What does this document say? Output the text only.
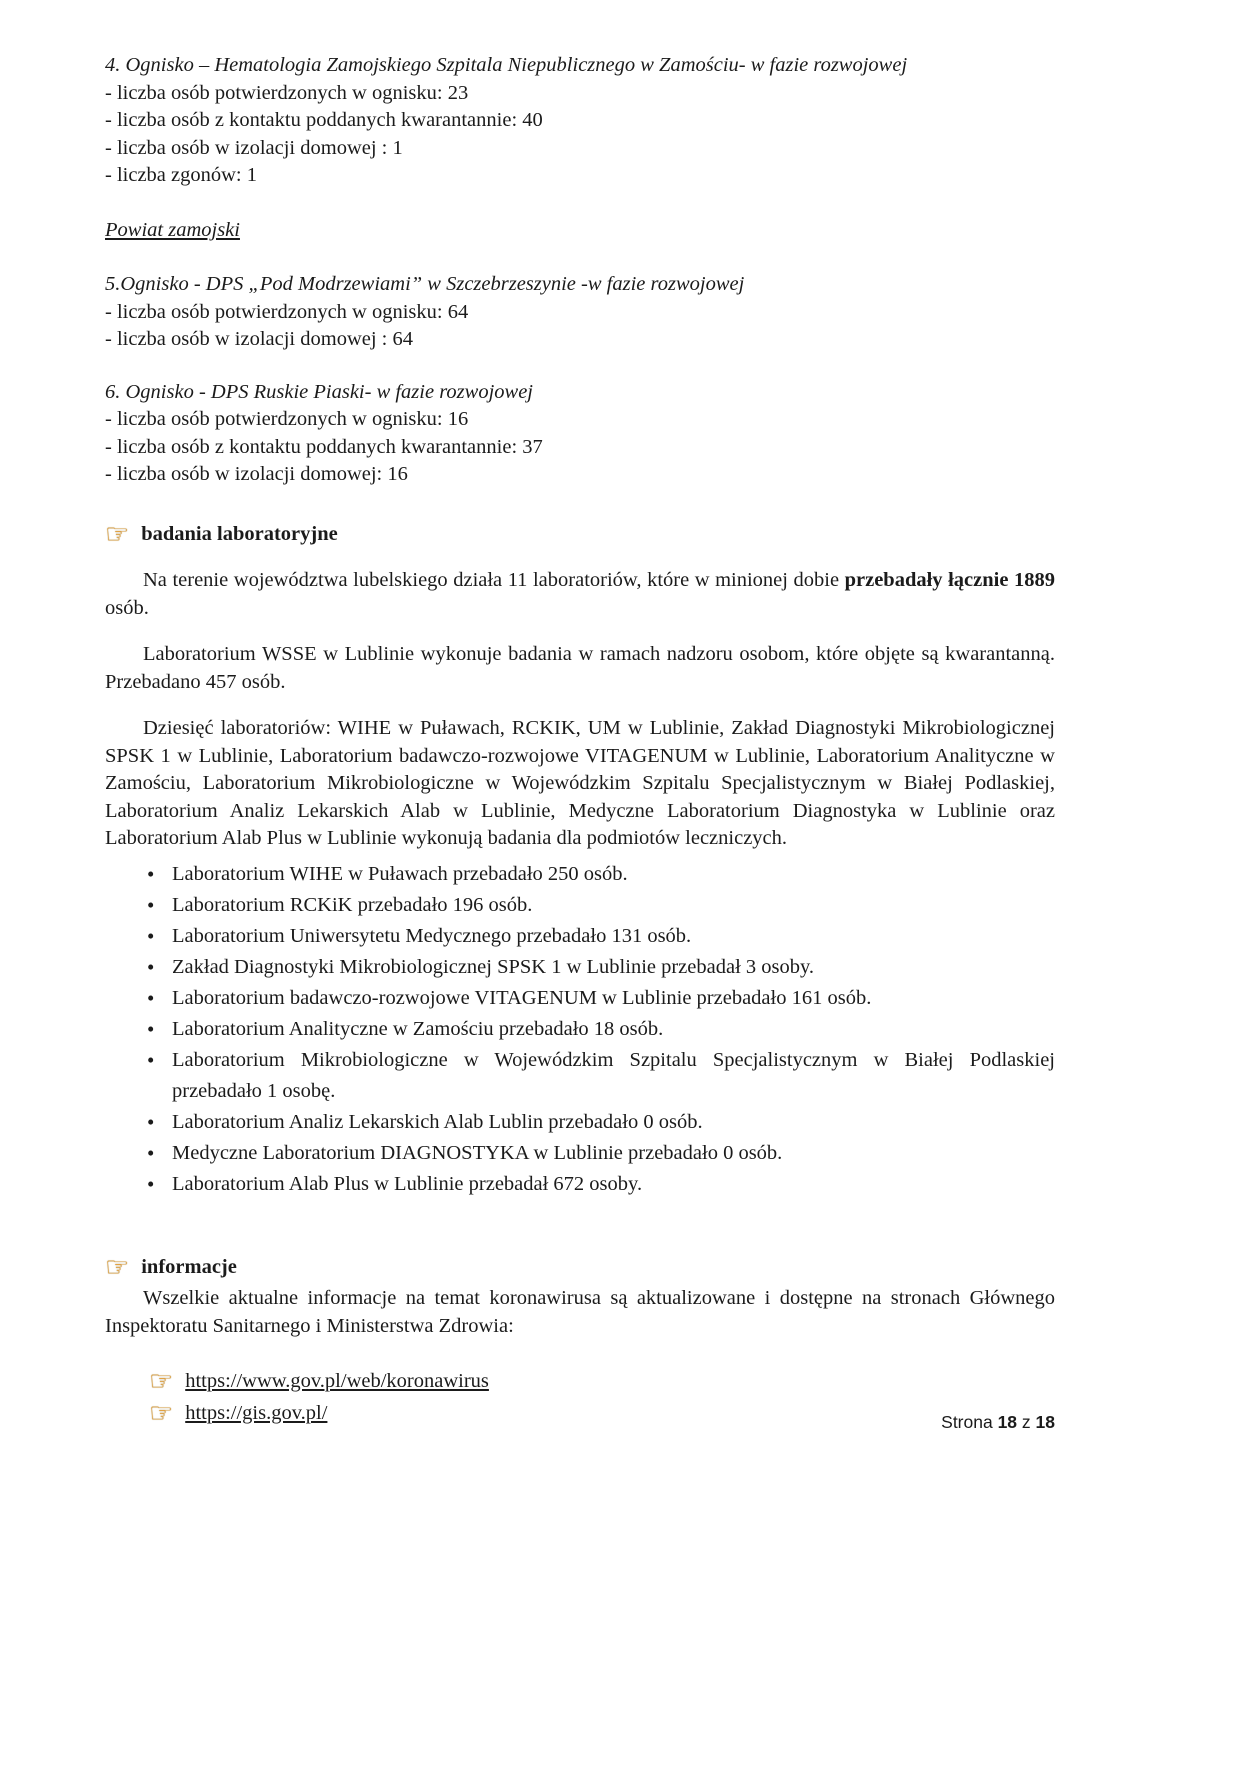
4. Ognisko – Hematologia Zamojskiego Szpitala Niepublicznego w Zamościu- w fazie rozwojowej

- liczba osób potwierdzonych w ognisku: 23

- liczba osób z kontaktu poddanych kwarantannie: 40

- liczba osób w izolacji domowej : 1

- liczba zgonów: 1

Powiat zamojski

5.Ognisko - DPS „Pod Modrzewiami” w Szczebrzeszynie -w fazie rozwojowej

- liczba osób potwierdzonych w ognisku: 64

- liczba osób w izolacji domowej : 64

6. Ognisko - DPS Ruskie Piaski- w fazie rozwojowej

- liczba osób potwierdzonych w ognisku: 16

- liczba osób z kontaktu poddanych kwarantannie: 37

- liczba osób w izolacji domowej: 16

☞ badania laboratoryjne

Na terenie województwa lubelskiego działa 11 laboratoriów, które w minionej dobie przebadały łącznie 1889 osób.

Laboratorium WSSE w Lublinie wykonuje badania w ramach nadzoru osobom, które objęte są kwarantanną. Przebadano 457 osób.

Dziesięć laboratoriów: WIHE w Puławach, RCKIK, UM w Lublinie, Zakład Diagnostyki Mikrobiologicznej SPSK 1 w Lublinie, Laboratorium badawczo-rozwojowe VITAGENUM w Lublinie, Laboratorium Analityczne w Zamościu, Laboratorium Mikrobiologiczne w Wojewódzkim Szpitalu Specjalistycznym w Białej Podlaskiej, Laboratorium Analiz Lekarskich Alab w Lublinie, Medyczne Laboratorium Diagnostyka w Lublinie oraz Laboratorium Alab Plus w Lublinie wykonują badania dla podmiotów leczniczych.

• Laboratorium WIHE w Puławach przebadało 250 osób.
• Laboratorium RCKiK przebadało 196 osób.
• Laboratorium Uniwersytetu Medycznego przebadało 131 osób.
• Zakład Diagnostyki Mikrobiologicznej SPSK 1 w Lublinie przebadał 3 osoby.
• Laboratorium badawczo-rozwojowe VITAGENUM w Lublinie przebadało 161 osób.
• Laboratorium Analityczne w Zamościu przebadało 18 osób.
• Laboratorium Mikrobiologiczne w Wojewódzkim Szpitalu Specjalistycznym w Białej Podlaskiej przebadało 1 osobę.
• Laboratorium Analiz Lekarskich Alab Lublin przebadało 0 osób.
• Medyczne Laboratorium DIAGNOSTYKA w Lublinie przebadało 0 osób.
• Laboratorium Alab Plus w Lublinie przebadał 672 osoby.

☞ informacje

Wszelkie aktualne informacje na temat koronawirusa są aktualizowane i dostępne na stronach Głównego Inspektoratu Sanitarnego i Ministerstwa Zdrowia:

☞ https://www.gov.pl/web/koronawirus

☞ https://gis.gov.pl/	Strona 18 z 18
